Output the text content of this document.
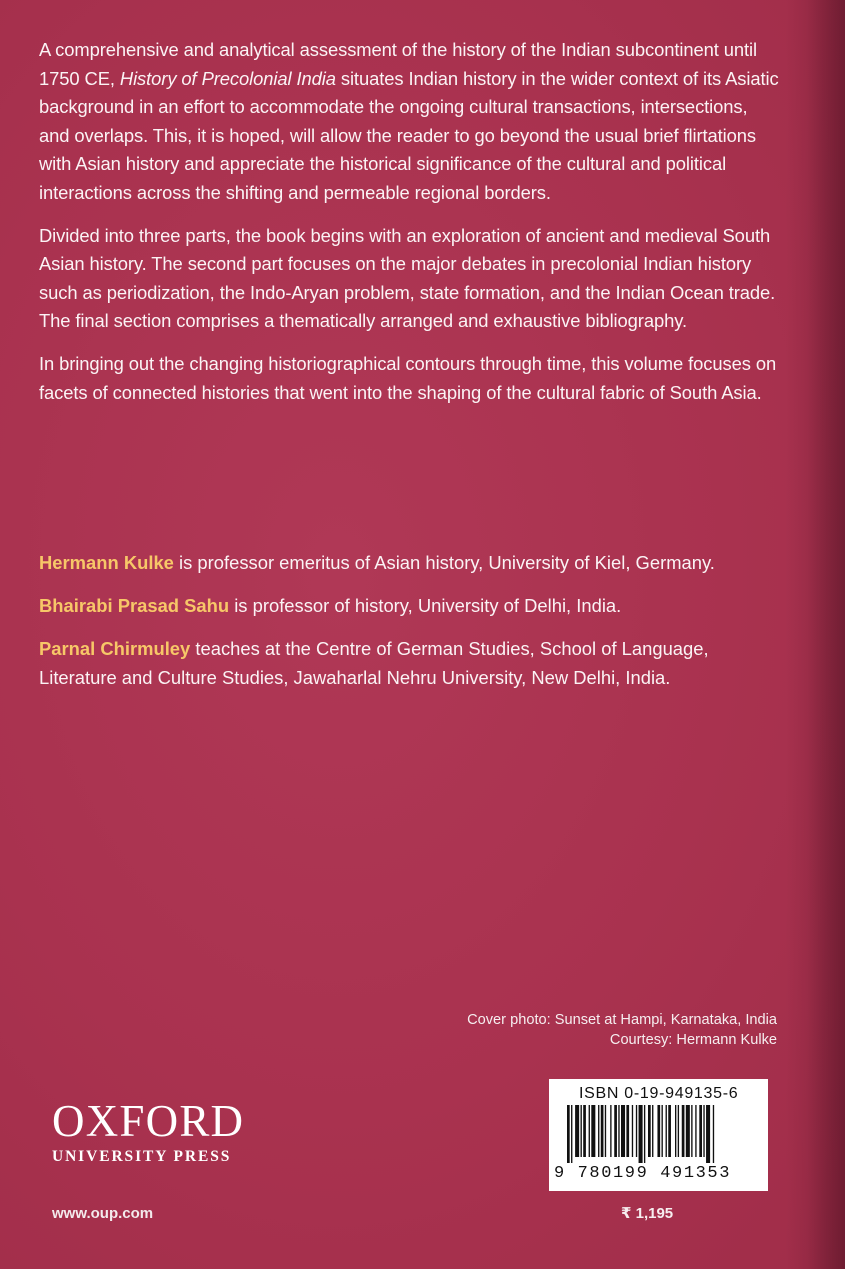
A comprehensive and analytical assessment of the history of the Indian subcontinent until 1750 CE, History of Precolonial India situates Indian history in the wider context of its Asiatic background in an effort to accommodate the ongoing cultural transactions, intersections, and overlaps. This, it is hoped, will allow the reader to go beyond the usual brief flirtations with Asian history and appreciate the historical significance of the cultural and political interactions across the shifting and permeable regional borders.

Divided into three parts, the book begins with an exploration of ancient and medieval South Asian history. The second part focuses on the major debates in precolonial Indian history such as periodization, the Indo-Aryan problem, state formation, and the Indian Ocean trade. The final section comprises a thematically arranged and exhaustive bibliography.

In bringing out the changing historiographical contours through time, this volume focuses on facets of connected histories that went into the shaping of the cultural fabric of South Asia.

Hermann Kulke is professor emeritus of Asian history, University of Kiel, Germany.

Bhairabi Prasad Sahu is professor of history, University of Delhi, India.

Parnal Chirmuley teaches at the Centre of German Studies, School of Language, Literature and Culture Studies, Jawaharlal Nehru University, New Delhi, India.

Cover photo: Sunset at Hampi, Karnataka, India
Courtesy: Hermann Kulke
OXFORD
UNIVERSITY PRESS
www.oup.com
ISBN 0-19-949135-6
9 780199 491353
₹ 1,195
